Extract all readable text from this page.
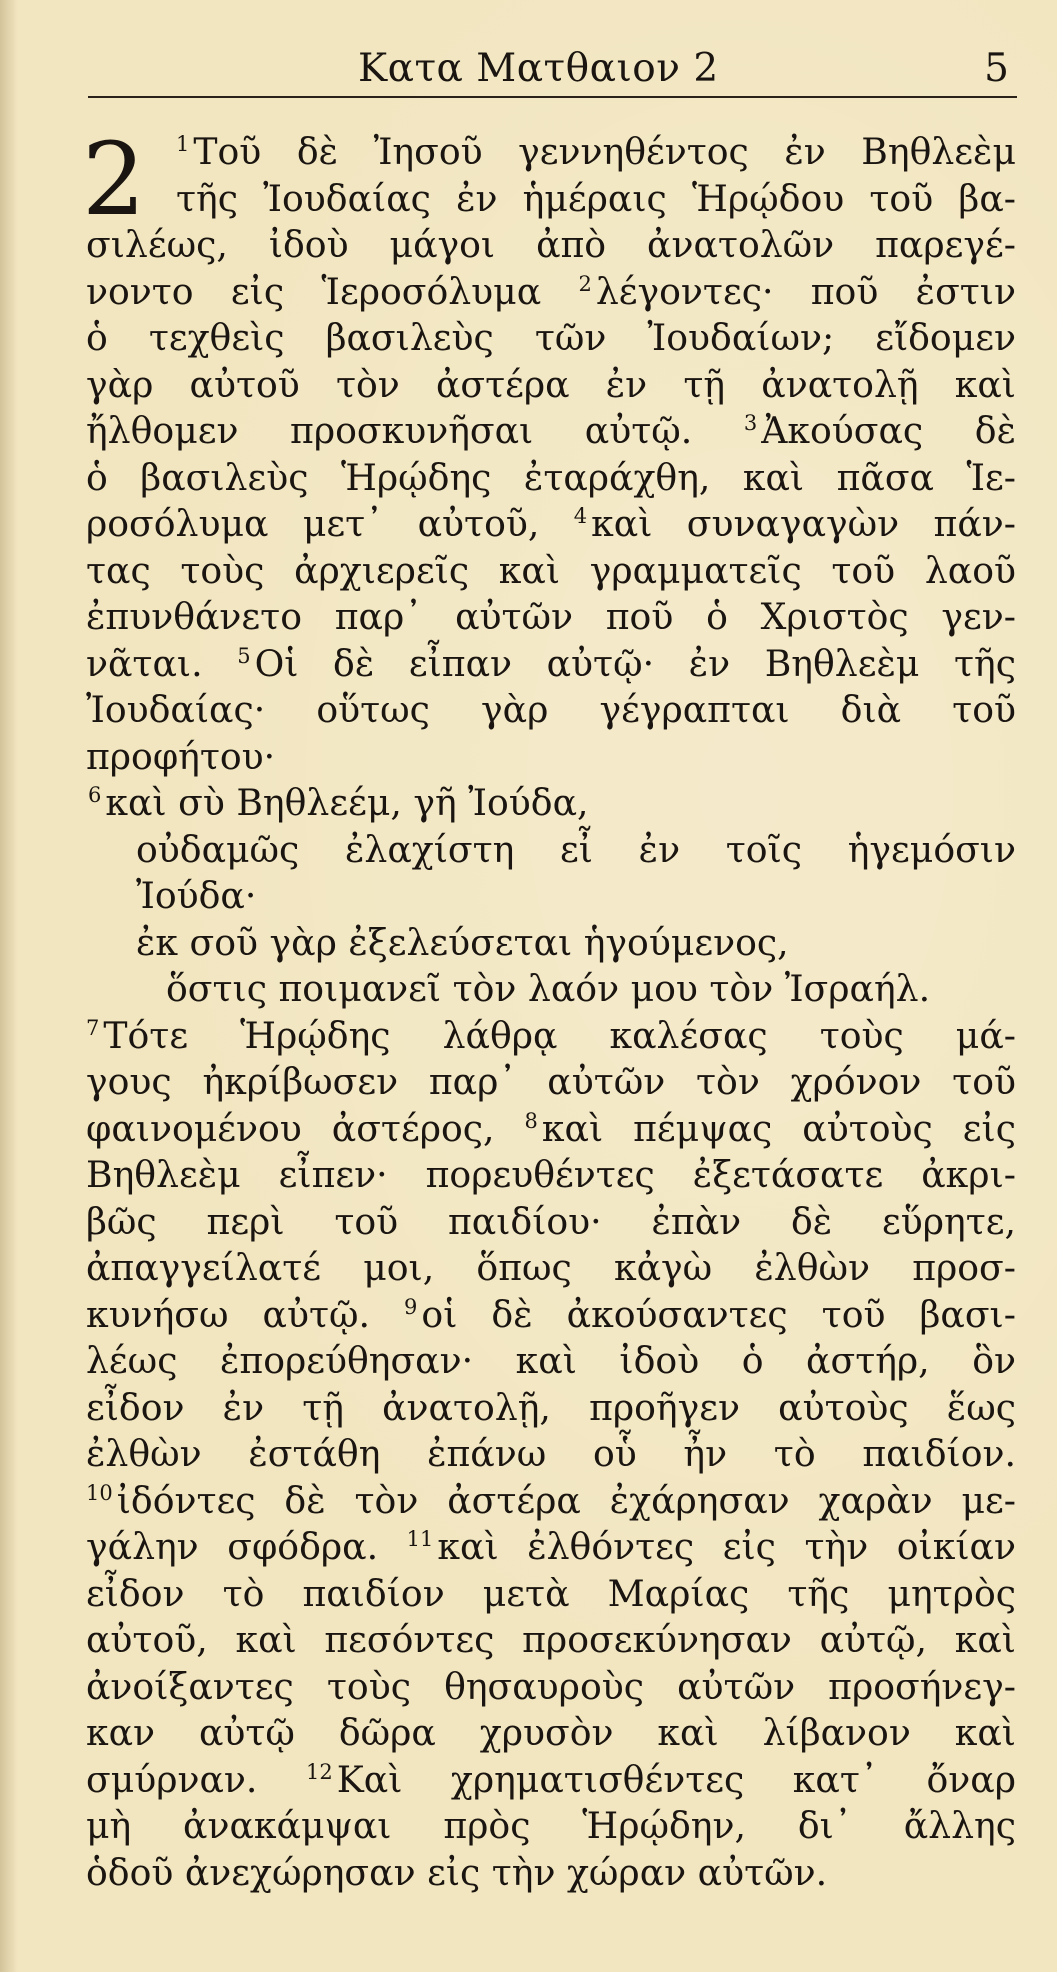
Κατα Ματθαιον 2	5
2 $^1$ Τοῦ δὲ Ἰησοῦ γεννηθέντος ἐν Βηθλεὲμ
τῆς Ἰουδαίας ἐν ἡμέραις Ἡρῴδου τοῦ βα-
σιλέως, ἰδοὺ μάγοι ἀπὸ ἀνατολῶν παρεγέ-
νοντο εἰς Ἱεροσόλυμα $^2$ λέγοντες· ποῦ ἐστιν
ὁ τεχθεὶς βασιλεὺς τῶν Ἰουδαίων; εἴδομεν
γὰρ αὐτοῦ τὸν ἀστέρα ἐν τῇ ἀνατολῇ καὶ
ἤλθομεν προσκυνῆσαι αὐτῷ. $^3$ Ἀκούσας δὲ
ὁ βασιλεὺς Ἡρῴδης ἐταράχθη, καὶ πᾶσα Ἱε-
ροσόλυμα μετ᾽ αὐτοῦ, $^4$ καὶ συναγαγὼν πάν-
τας τοὺς ἀρχιερεῖς καὶ γραμματεῖς τοῦ λαοῦ
ἐπυνθάνετο παρ᾽ αὐτῶν ποῦ ὁ Χριστὸς γεν-
νᾶται. $^5$ Οἱ δὲ εἶπαν αὐτῷ· ἐν Βηθλεὲμ τῆς
Ἰουδαίας· οὕτως γὰρ γέγραπται διὰ τοῦ
προφήτου·
$^6$ καὶ σὺ Βηθλεέμ, γῆ Ἰούδα,
οὐδαμῶς ἐλαχίστη εἶ ἐν τοῖς ἡγεμόσιν
Ἰούδα·
ἐκ σοῦ γὰρ ἐξελεύσεται ἡγούμενος,
ὅστις ποιμανεῖ τὸν λαόν μου τὸν Ἰσραήλ.
$^7$ Τότε Ἡρῴδης λάθρᾳ καλέσας τοὺς μά-
γους ἠκρίβωσεν παρ᾽ αὐτῶν τὸν χρόνον τοῦ
φαινομένου ἀστέρος, $^8$ καὶ πέμψας αὐτοὺς εἰς
Βηθλεὲμ εἶπεν· πορευθέντες ἐξετάσατε ἀκρι-
βῶς περὶ τοῦ παιδίου· ἐπὰν δὲ εὕρητε,
ἀπαγγείλατέ μοι, ὅπως κἀγὼ ἐλθὼν προσ-
κυνήσω αὐτῷ. $^9$ οἱ δὲ ἀκούσαντες τοῦ βασι-
λέως ἐπορεύθησαν· καὶ ἰδοὺ ὁ ἀστήρ, ὃν
εἶδον ἐν τῇ ἀνατολῇ, προῆγεν αὐτοὺς ἕως
ἐλθὼν ἐστάθη ἐπάνω οὗ ἦν τὸ παιδίον.
$^{10}$ ἰδόντες δὲ τὸν ἀστέρα ἐχάρησαν χαρὰν με-
γάλην σφόδρα. $^{11}$ καὶ ἐλθόντες εἰς τὴν οἰκίαν
εἶδον τὸ παιδίον μετὰ Μαρίας τῆς μητρὸς
αὐτοῦ, καὶ πεσόντες προσεκύνησαν αὐτῷ, καὶ
ἀνοίξαντες τοὺς θησαυροὺς αὐτῶν προσήνεγ-
καν αὐτῷ δῶρα χρυσὸν καὶ λίβανον καὶ
σμύρναν. $^{12}$ Καὶ χρηματισθέντες κατ᾽ ὄναρ
μὴ ἀνακάμψαι πρὸς Ἡρῴδην, δι᾽ ἄλλης
ὁδοῦ ἀνεχώρησαν εἰς τὴν χώραν αὐτῶν.
